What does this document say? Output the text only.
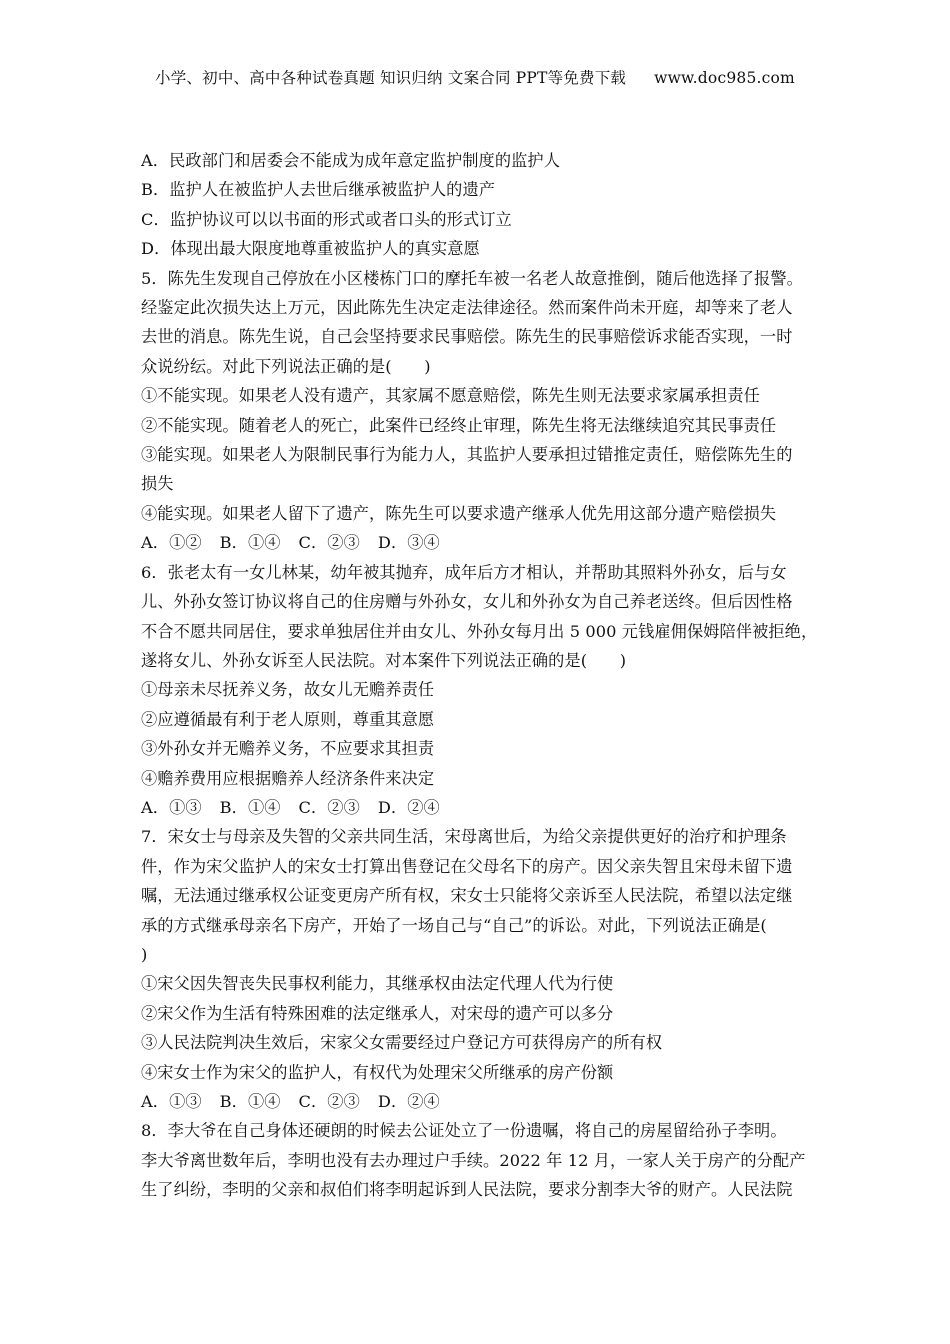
小学、初中、高中各种试卷真题 知识归纳 文案合同 PPT等免费下载 www.doc985.com
A．民政部门和居委会不能成为成年意定监护制度的监护人
B．监护人在被监护人去世后继承被监护人的遗产
C．监护协议可以以书面的形式或者口头的形式订立
D．体现出最大限度地尊重被监护人的真实意愿
5．陈先生发现自己停放在小区楼栋门口的摩托车被一名老人故意推倒，随后他选择了报警。
经鉴定此次损失达上万元，因此陈先生决定走法律途径。然而案件尚未开庭，却等来了老人
去世的消息。陈先生说，自己会坚持要求民事赔偿。陈先生的民事赔偿诉求能否实现，一时
众说纷纭。对此下列说法正确的是(　　)
①不能实现。如果老人没有遗产，其家属不愿意赔偿，陈先生则无法要求家属承担责任
②不能实现。随着老人的死亡，此案件已经终止审理，陈先生将无法继续追究其民事责任
③能实现。如果老人为限制民事行为能力人，其监护人要承担过错推定责任，赔偿陈先生的
损失
④能实现。如果老人留下了遗产，陈先生可以要求遗产继承人优先用这部分遗产赔偿损失
A．①② B．①④ C．②③ D．③④
6．张老太有一女儿林某，幼年被其抛弃，成年后方才相认，并帮助其照料外孙女，后与女
儿、外孙女签订协议将自己的住房赠与外孙女，女儿和外孙女为自己养老送终。但后因性格
不合不愿共同居住，要求单独居住并由女儿、外孙女每月出 5 000 元钱雇佣保姆陪伴被拒绝，
遂将女儿、外孙女诉至人民法院。对本案件下列说法正确的是(　　)
①母亲未尽抚养义务，故女儿无赡养责任
②应遵循最有利于老人原则，尊重其意愿
③外孙女并无赡养义务，不应要求其担责
④赡养费用应根据赡养人经济条件来决定
A．①③ B．①④ C．②③ D．②④
7．宋女士与母亲及失智的父亲共同生活，宋母离世后，为给父亲提供更好的治疗和护理条
件，作为宋父监护人的宋女士打算出售登记在父母名下的房产。因父亲失智且宋母未留下遗
嘱，无法通过继承权公证变更房产所有权，宋女士只能将父亲诉至人民法院，希望以法定继
承的方式继承母亲名下房产，开始了一场自己与“自己”的诉讼。对此，下列说法正确是(
)
①宋父因失智丧失民事权利能力，其继承权由法定代理人代为行使
②宋父作为生活有特殊困难的法定继承人，对宋母的遗产可以多分
③人民法院判决生效后，宋家父女需要经过户登记方可获得房产的所有权
④宋女士作为宋父的监护人，有权代为处理宋父所继承的房产份额
A．①③ B．①④ C．②③ D．②④
8．李大爷在自己身体还硬朗的时候去公证处立了一份遗嘱，将自己的房屋留给孙子李明。
李大爷离世数年后，李明也没有去办理过户手续。2022 年 12 月，一家人关于房产的分配产
生了纠纷，李明的父亲和叔伯们将李明起诉到人民法院，要求分割李大爷的财产。人民法院
